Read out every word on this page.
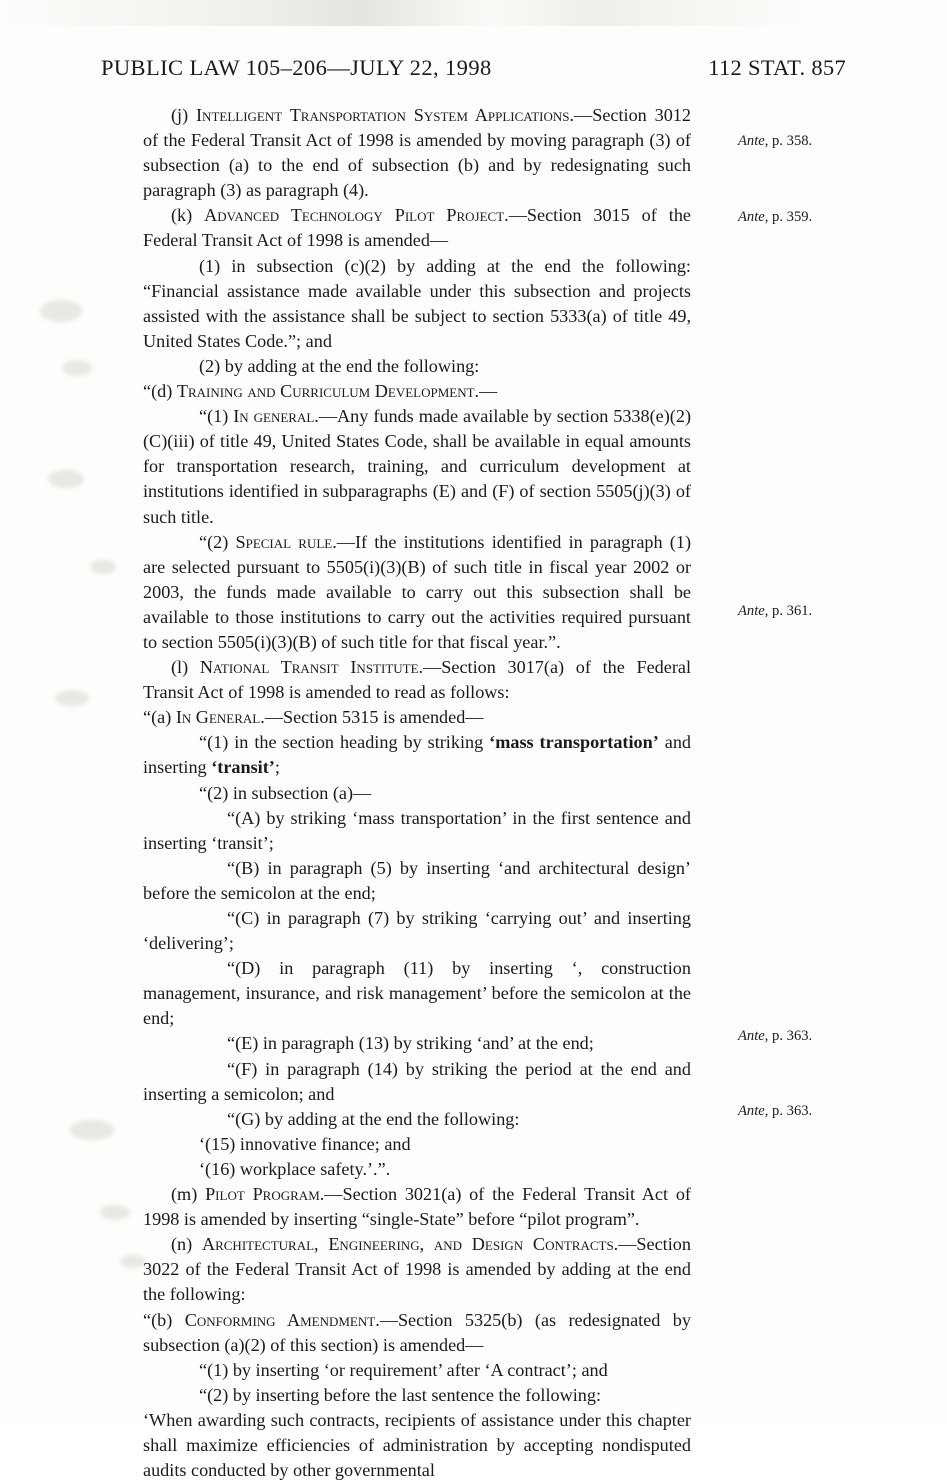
PUBLIC LAW 105–206—JULY 22, 1998	112 STAT. 857

(j) Intelligent Transportation System Applications.—Section 3012 of the Federal Transit Act of 1998 is amended by moving paragraph (3) of subsection (a) to the end of subsection (b) and by redesignating such paragraph (3) as paragraph (4).

(k) Advanced Technology Pilot Project.—Section 3015 of the Federal Transit Act of 1998 is amended—

(1) in subsection (c)(2) by adding at the end the following: “Financial assistance made available under this subsection and projects assisted with the assistance shall be subject to section 5333(a) of title 49, United States Code.”; and

(2) by adding at the end the following:

“(d) Training and Curriculum Development.—

“(1) In general.—Any funds made available by section 5338(e)(2)(C)(iii) of title 49, United States Code, shall be available in equal amounts for transportation research, training, and curriculum development at institutions identified in subparagraphs (E) and (F) of section 5505(j)(3) of such title.

“(2) Special rule.—If the institutions identified in paragraph (1) are selected pursuant to 5505(i)(3)(B) of such title in fiscal year 2002 or 2003, the funds made available to carry out this subsection shall be available to those institutions to carry out the activities required pursuant to section 5505(i)(3)(B) of such title for that fiscal year.”.

(l) National Transit Institute.—Section 3017(a) of the Federal Transit Act of 1998 is amended to read as follows:

“(a) In General.—Section 5315 is amended—

“(1) in the section heading by striking ‘mass transportation’ and inserting ‘transit’;

“(2) in subsection (a)—

“(A) by striking ‘mass transportation’ in the first sentence and inserting ‘transit’;

“(B) in paragraph (5) by inserting ‘and architectural design’ before the semicolon at the end;

“(C) in paragraph (7) by striking ‘carrying out’ and inserting ‘delivering’;

“(D) in paragraph (11) by inserting ‘, construction management, insurance, and risk management’ before the semicolon at the end;

“(E) in paragraph (13) by striking ‘and’ at the end;

“(F) in paragraph (14) by striking the period at the end and inserting a semicolon; and

“(G) by adding at the end the following:

‘(15) innovative finance; and

‘(16) workplace safety.’.”.

(m) Pilot Program.—Section 3021(a) of the Federal Transit Act of 1998 is amended by inserting “single-State” before “pilot program”.

(n) Architectural, Engineering, and Design Contracts.—Section 3022 of the Federal Transit Act of 1998 is amended by adding at the end the following:

“(b) Conforming Amendment.—Section 5325(b) (as redesignated by subsection (a)(2) of this section) is amended—

“(1) by inserting ‘or requirement’ after ‘A contract’; and

“(2) by inserting before the last sentence the following:

‘When awarding such contracts, recipients of assistance under this chapter shall maximize efficiencies of administration by accepting nondisputed audits conducted by other governmental

Ante, p. 358.
Ante, p. 359.
Ante, p. 361.
Ante, p. 363.
Ante, p. 363.
